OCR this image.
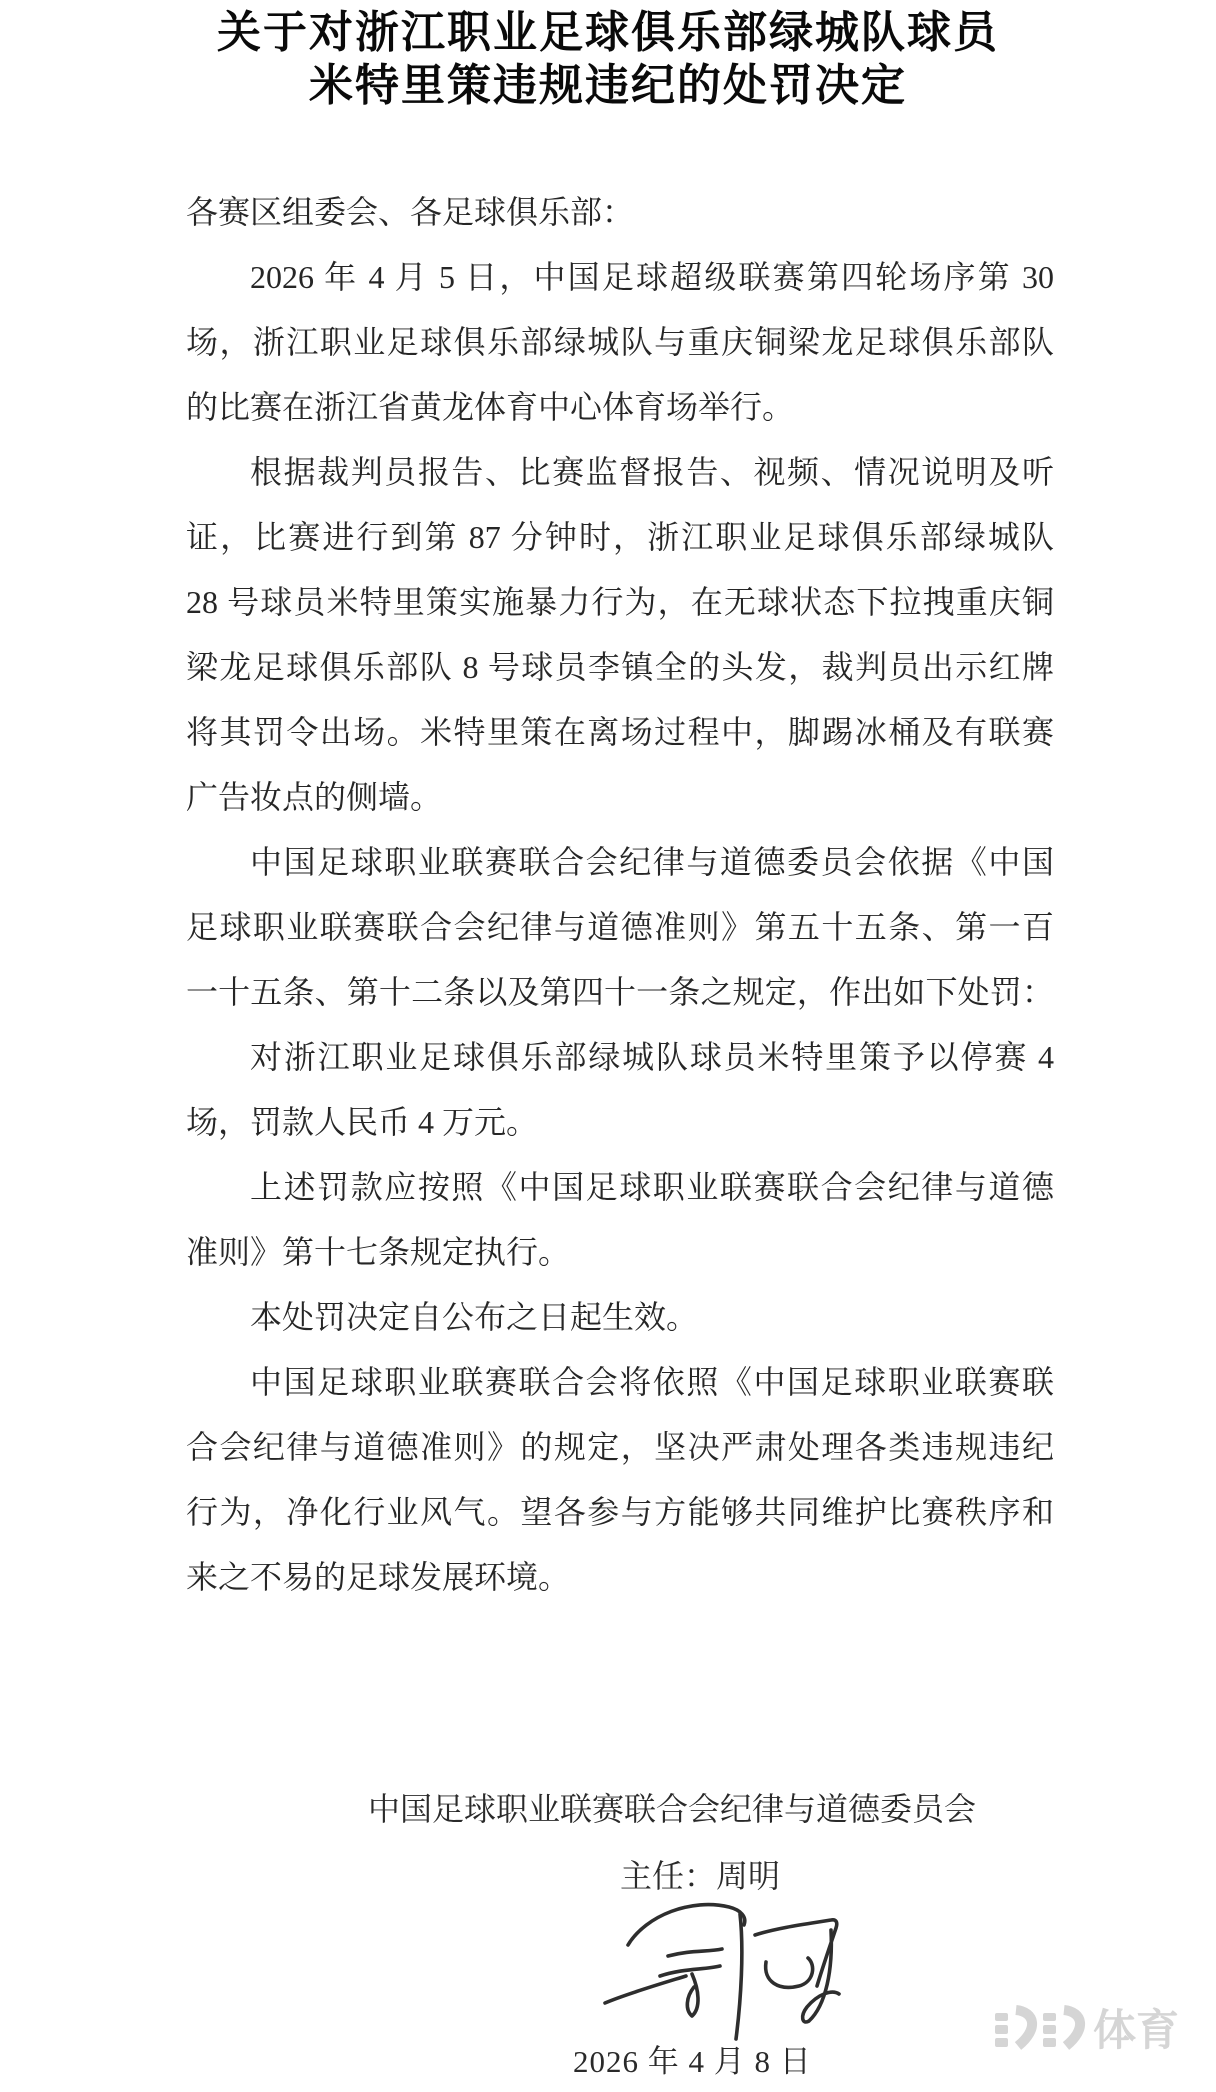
关于对浙江职业足球俱乐部绿城队球员
米特里策违规违纪的处罚决定
各赛区组委会、各足球俱乐部：
2026 年 4 月 5 日，中国足球超级联赛第四轮场序第 30
场，浙江职业足球俱乐部绿城队与重庆铜梁龙足球俱乐部队
的比赛在浙江省黄龙体育中心体育场举行。
根据裁判员报告、比赛监督报告、视频、情况说明及听
证，比赛进行到第 87 分钟时，浙江职业足球俱乐部绿城队
28 号球员米特里策实施暴力行为，在无球状态下拉拽重庆铜
梁龙足球俱乐部队 8 号球员李镇全的头发，裁判员出示红牌
将其罚令出场。米特里策在离场过程中，脚踢冰桶及有联赛
广告妆点的侧墙。
中国足球职业联赛联合会纪律与道德委员会依据《中国
足球职业联赛联合会纪律与道德准则》第五十五条、第一百
一十五条、第十二条以及第四十一条之规定，作出如下处罚：
对浙江职业足球俱乐部绿城队球员米特里策予以停赛 4
场，罚款人民币 4 万元。
上述罚款应按照《中国足球职业联赛联合会纪律与道德
准则》第十七条规定执行。
本处罚决定自公布之日起生效。
中国足球职业联赛联合会将依照《中国足球职业联赛联
合会纪律与道德准则》的规定，坚决严肃处理各类违规违纪
行为，净化行业风气。望各参与方能够共同维护比赛秩序和
来之不易的足球发展环境。
中国足球职业联赛联合会纪律与道德委员会
主任：周明
2026 年 4 月 8 日
体育
